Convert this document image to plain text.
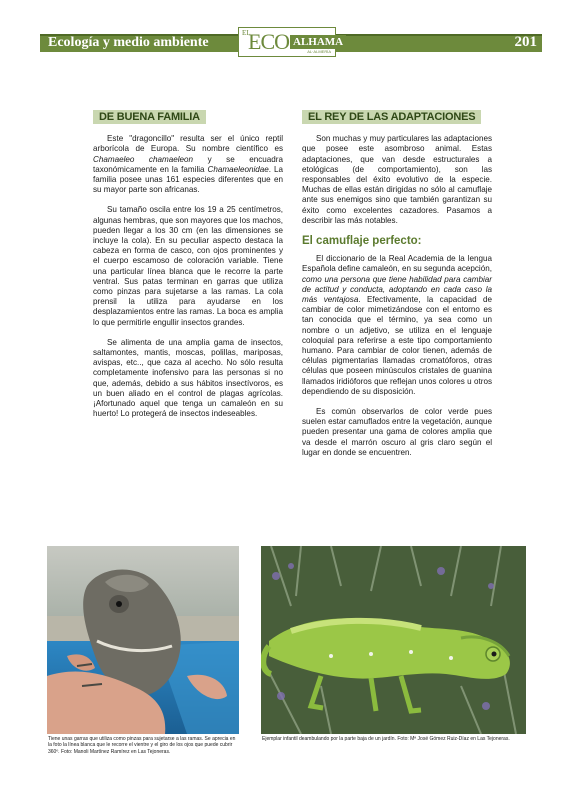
Ecología y medio ambiente	201
EL
ECO ALHAMA
AL·ALMERÍA
DE BUENA FAMILIA

Este "dragoncillo" resulta ser el único reptil arborícola de Europa. Su nombre científico es Chamaeleo chamaeleon y se encuadra taxonómicamente en la familia Chamaeleonidae. La familia posee unas 161 especies diferentes que en su mayor parte son africanas.

Su tamaño oscila entre los 19 a 25 centímetros, algunas hembras, que son mayores que los machos, pueden llegar a los 30 cm (en las dimensiones se incluye la cola). En su peculiar aspecto destaca la cabeza en forma de casco, con ojos prominentes y el cuerpo escamoso de coloración variable. Tiene una particular línea blanca que le recorre la parte ventral. Sus patas terminan en garras que utiliza como pinzas para sujetarse a las ramas. La cola prensil la utiliza para ayudarse en los desplazamientos entre las ramas. La boca es amplia lo que permitirle engullir insectos grandes.

Se alimenta de una amplia gama de insectos, saltamontes, mantis, moscas, polillas, mariposas, avispas, etc.., que caza al acecho. No sólo resulta completamente inofensivo para las personas si no que, además, debido a sus hábitos insectívoros, es un buen aliado en el control de plagas agrícolas. ¡Afortunado aquel que tenga un camaleón en su huerto! Lo protegerá de insectos indeseables.

EL REY DE LAS ADAPTACIONES

Son muchas y muy particulares las adaptaciones que posee este asombroso animal. Estas adaptaciones, que van desde estructurales a etológicas (de comportamiento), son las responsables del éxito evolutivo de la especie. Muchas de ellas están dirigidas no sólo al camuflaje ante sus enemigos sino que también garantizan su éxito como excelentes cazadores. Pasamos a describir las más notables.

El camuflaje perfecto:

El diccionario de la Real Academia de la lengua Española define camaleón, en su segunda acepción, como una persona que tiene habilidad para cambiar de actitud y conducta, adoptando en cada caso la más ventajosa. Efectivamente, la capacidad de cambiar de color mimetizándose con el entorno es tan conocida que el término, ya sea como un nombre o un adjetivo, se utiliza en el lenguaje coloquial para referirse a este tipo comportamiento humano. Para cambiar de color tienen, además de células pigmentarias llamadas cromatóforos, otras células que poseen minúsculos cristales de guanina llamados iridióforos que reflejan unos colores u otros dependiendo de su disposición.

Es común observarlos de color verde pues suelen estar camuflados entre la vegetación, aunque pueden presentar una gama de colores amplia que va desde el marrón oscuro al gris claro según el lugar en donde se encuentren.

Tiene unas garras que utiliza como pinzas para sujetarse a las ramas. Se aprecia en la foto la línea blanca que le recorre el vientre y el giro de los ojos que puede cubrir 360º. Foto: Manoli Martínez Ramírez en Las Tejoneras.
Ejemplar infantil deambulando por la parte baja de un jardín. Foto: Mª José Gómez Ruiz-Díaz en Las Tejoneras.
